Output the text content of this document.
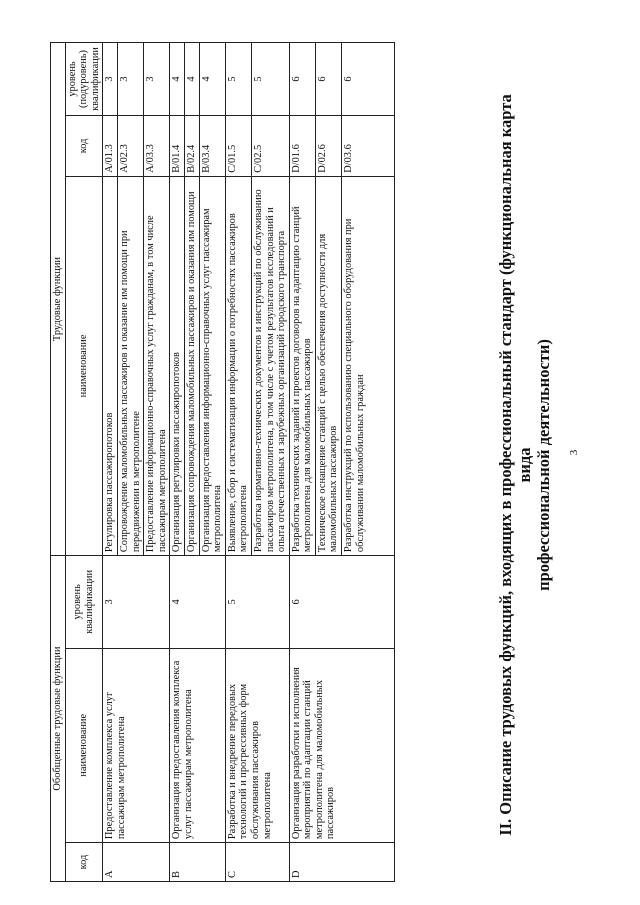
3
II. Описание трудовых функций, входящих в профессиональный стандарт (функциональная карта вида профессиональной деятельности)
Обобщенные трудовые функции			Трудовые функции		
код	наименование	уровень квалификации	наименование	код	уровень (подуровень) квалификации
A	Предоставление комплекса услуг пассажирам метрополитена	3	Регулировка пассажиропотоков	A/01.3	3
			Сопровождение маломобильных пассажиров и оказание им помощи при передвижении в метрополитене	A/02.3	3
			Предоставление информационно-справочных услуг гражданам, в том числе пассажирам метрополитена	A/03.3	3
B	Организация предоставления комплекса услуг пассажирам метрополитена	4	Организация регулировки пассажиропотоков	B/01.4	4
			Организация сопровождения маломобильных пассажиров и оказания им помощи	B/02.4	4
			Организация предоставления информационно-справочных услуг пассажирам метрополитена	B/03.4	4
C	Разработка и внедрение передовых технологий и прогрессивных форм обслуживания пассажиров метрополитена	5	Выявление, сбор и систематизация информации о потребностях пассажиров метрополитена	C/01.5	5
			Разработка нормативно-технических документов и инструкций по обслуживанию пассажиров метрополитена, в том числе с учетом результатов исследований и опыта отечественных и зарубежных организаций городского транспорта	C/02.5	5
D	Организация разработки и исполнения мероприятий по адаптации станций метрополитена для маломобильных пассажиров	6	Разработка технических заданий и проектов договоров на адаптацию станций метрополитена для маломобильных пассажиров	D/01.6	6
			Техническое оснащение станций с целью обеспечения доступности для маломобильных пассажиров	D/02.6	6
			Разработка инструкций по использованию специального оборудования при обслуживании маломобильных граждан	D/03.6	6
